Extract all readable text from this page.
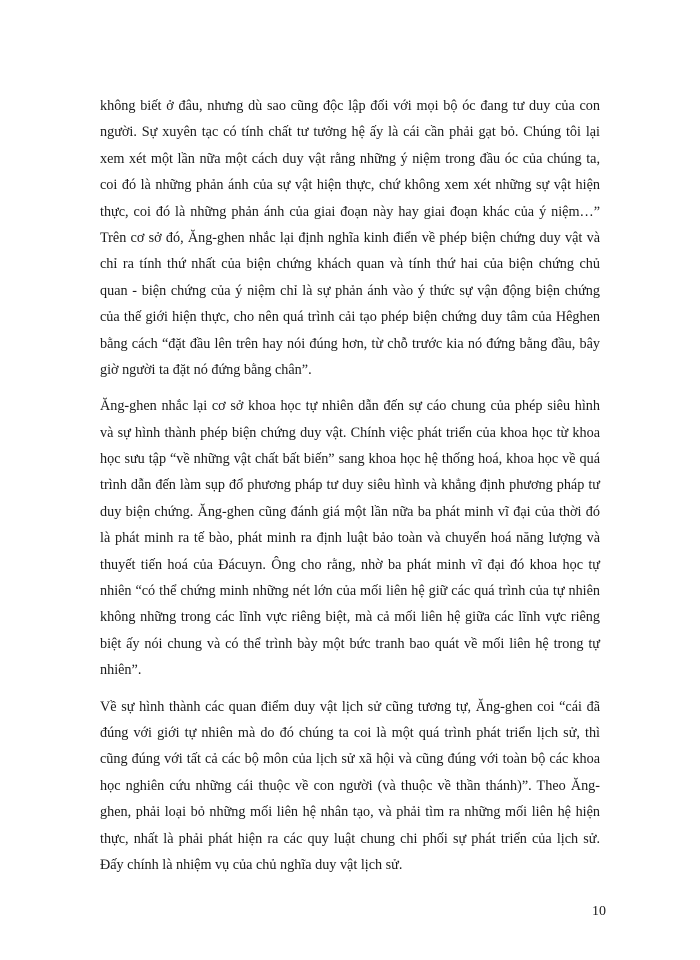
không biết ở đâu, nhưng dù sao cũng độc lập đối với mọi bộ óc đang tư duy của con
người. Sự xuyên tạc có tính chất tư tưởng hệ ấy là cái cần phải gạt bỏ. Chúng tôi lại
xem xét một lần nữa một cách duy vật rằng những ý niệm trong đầu óc của chúng ta,
coi đó là những phản ánh của sự vật hiện thực, chứ không xem xét những sự vật hiện
thực, coi đó là những phản ánh của giai đoạn này hay giai đoạn khác của ý niệm…”
Trên cơ sở đó, Ăng-ghen nhắc lại định nghĩa kinh điển về phép biện chứng duy vật và
chỉ ra tính thứ nhất của biện chứng khách quan và tính thứ hai của biện chứng chủ
quan - biện chứng của ý niệm chỉ là sự phản ánh vào ý thức sự vận động biện chứng
của thế giới hiện thực, cho nên quá trình cải tạo phép biện chứng duy tâm của Hêghen
bằng cách “đặt đầu lên trên hay nói đúng hơn, từ chỗ trước kia nó đứng bằng đầu, bây
giờ người ta đặt nó đứng bằng chân”.
Ăng-ghen nhắc lại cơ sở khoa học tự nhiên dẫn đến sự cáo chung của phép siêu hình
và sự hình thành phép biện chứng duy vật. Chính việc phát triển của khoa học từ khoa
học sưu tập “về những vật chất bất biến” sang khoa học hệ thống hoá, khoa học về quá
trình dẫn đến làm sụp đổ phương pháp tư duy siêu hình và khẳng định phương pháp tư
duy biện chứng. Ăng-ghen cũng đánh giá một lần nữa ba phát minh vĩ đại của thời đó
là phát minh ra tế bào, phát minh ra định luật bảo toàn và chuyển hoá năng lượng và
thuyết tiến hoá của Đácuyn. Ông cho rằng, nhờ ba phát minh vĩ đại đó khoa học tự
nhiên “có thể chứng minh những nét lớn của mối liên hệ giữ các quá trình của tự nhiên
không những trong các lĩnh vực riêng biệt, mà cả mối liên hệ giữa các lĩnh vực riêng
biệt ấy nói chung và có thể trình bày một bức tranh bao quát về mối liên hệ trong tự
nhiên”.
Về sự hình thành các quan điểm duy vật lịch sử cũng tương tự, Ăng-ghen coi “cái đã
đúng với giới tự nhiên mà do đó chúng ta coi là một quá trình phát triển lịch sử, thì
cũng đúng với tất cả các bộ môn của lịch sử xã hội và cũng đúng với toàn bộ các khoa
học nghiên cứu những cái thuộc về con người (và thuộc về thần thánh)”. Theo Ăng-
ghen, phải loại bỏ những mối liên hệ nhân tạo, và phải tìm ra những mối liên hệ hiện
thực, nhất là phải phát hiện ra các quy luật chung chi phối sự phát triển của lịch sử.
Đấy chính là nhiệm vụ của chủ nghĩa duy vật lịch sử.
10
